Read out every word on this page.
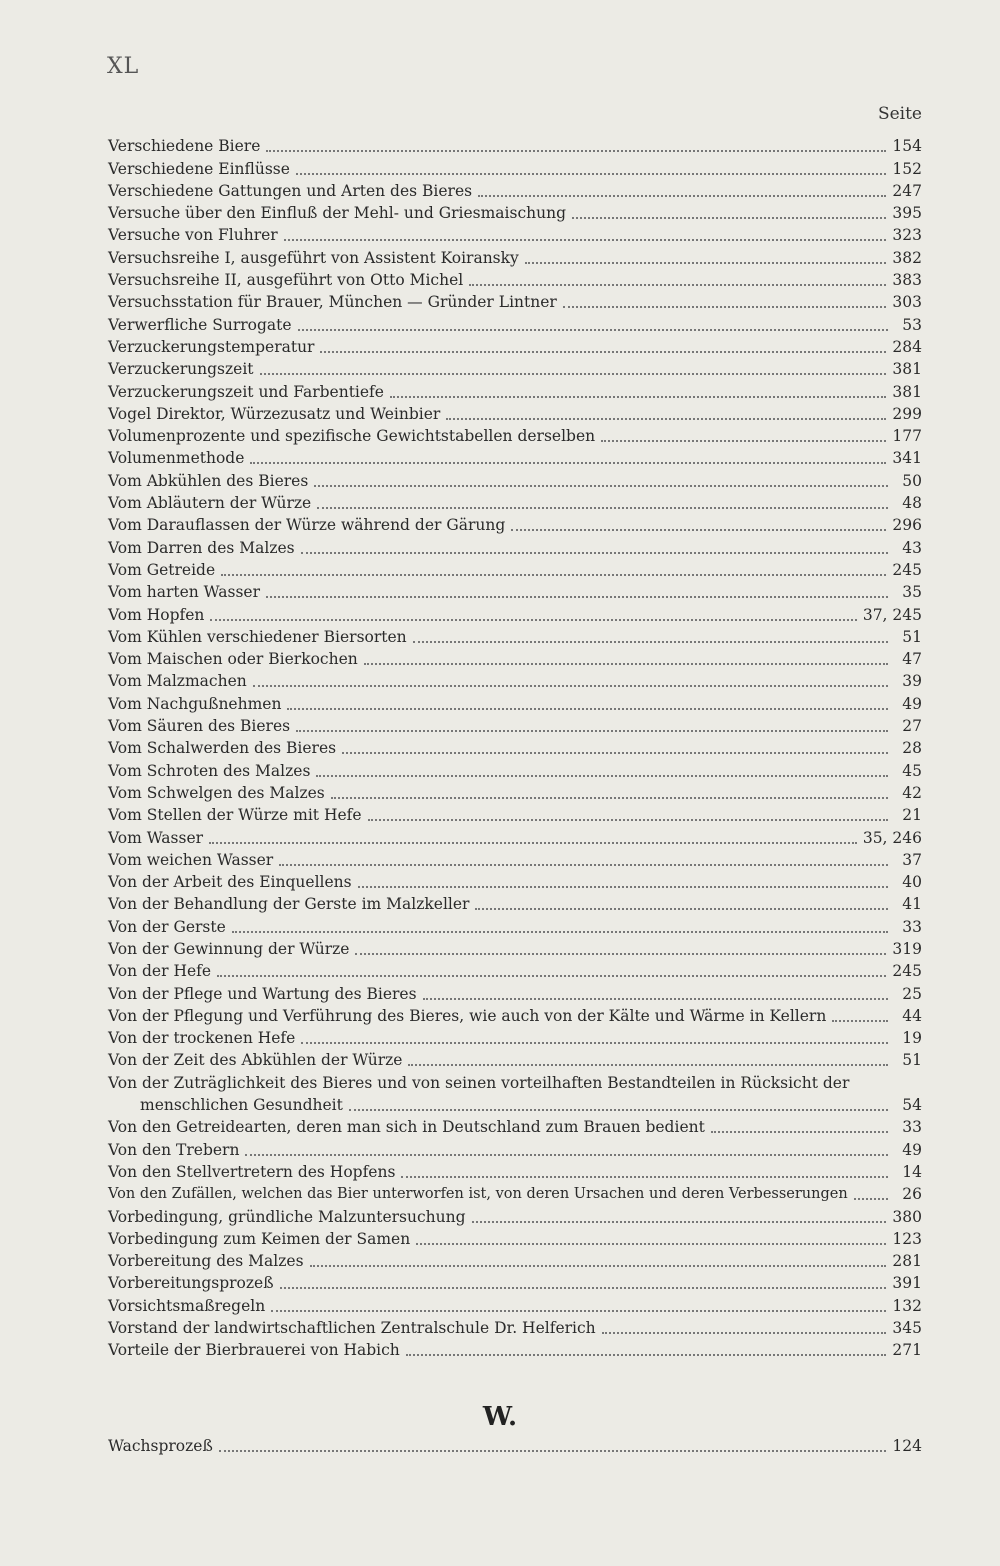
XL
Seite
Verschiedene Biere	154
Verschiedene Einflüsse	152
Verschiedene Gattungen und Arten des Bieres	247
Versuche über den Einfluß der Mehl- und Griesmaischung	395
Versuche von Fluhrer	323
Versuchsreihe I, ausgeführt von Assistent Koiransky	382
Versuchsreihe II, ausgeführt von Otto Michel	383
Versuchsstation für Brauer, München — Gründer Lintner	303
Verwerfliche Surrogate	53
Verzuckerungstemperatur	284
Verzuckerungszeit	381
Verzuckerungszeit und Farbentiefe	381
Vogel Direktor, Würzezusatz und Weinbier	299
Volumenprozente und spezifische Gewichtstabellen derselben	177
Volumenmethode	341
Vom Abkühlen des Bieres	50
Vom Abläutern der Würze	48
Vom Darauflassen der Würze während der Gärung	296
Vom Darren des Malzes	43
Vom Getreide	245
Vom harten Wasser	35
Vom Hopfen	37, 245
Vom Kühlen verschiedener Biersorten	51
Vom Maischen oder Bierkochen	47
Vom Malzmachen	39
Vom Nachgußnehmen	49
Vom Säuren des Bieres	27
Vom Schalwerden des Bieres	28
Vom Schroten des Malzes	45
Vom Schwelgen des Malzes	42
Vom Stellen der Würze mit Hefe	21
Vom Wasser	35, 246
Vom weichen Wasser	37
Von der Arbeit des Einquellens	40
Von der Behandlung der Gerste im Malzkeller	41
Von der Gerste	33
Von der Gewinnung der Würze	319
Von der Hefe	245
Von der Pflege und Wartung des Bieres	25
Von der Pflegung und Verführung des Bieres, wie auch von der Kälte und Wärme in Kellern	44
Von der trockenen Hefe	19
Von der Zeit des Abkühlen der Würze	51
Von der Zuträglichkeit des Bieres und von seinen vorteilhaften Bestandteilen in Rücksicht der
menschlichen Gesundheit	54
Von den Getreidearten, deren man sich in Deutschland zum Brauen bedient	33
Von den Trebern	49
Von den Stellvertretern des Hopfens	14
Von den Zufällen, welchen das Bier unterworfen ist, von deren Ursachen und deren Verbesserungen	26
Vorbedingung, gründliche Malzuntersuchung	380
Vorbedingung zum Keimen der Samen	123
Vorbereitung des Malzes	281
Vorbereitungsprozeß	391
Vorsichtsmaßregeln	132
Vorstand der landwirtschaftlichen Zentralschule Dr. Helferich	345
Vorteile der Bierbrauerei von Habich	271
W.
Wachsprozeß	124
